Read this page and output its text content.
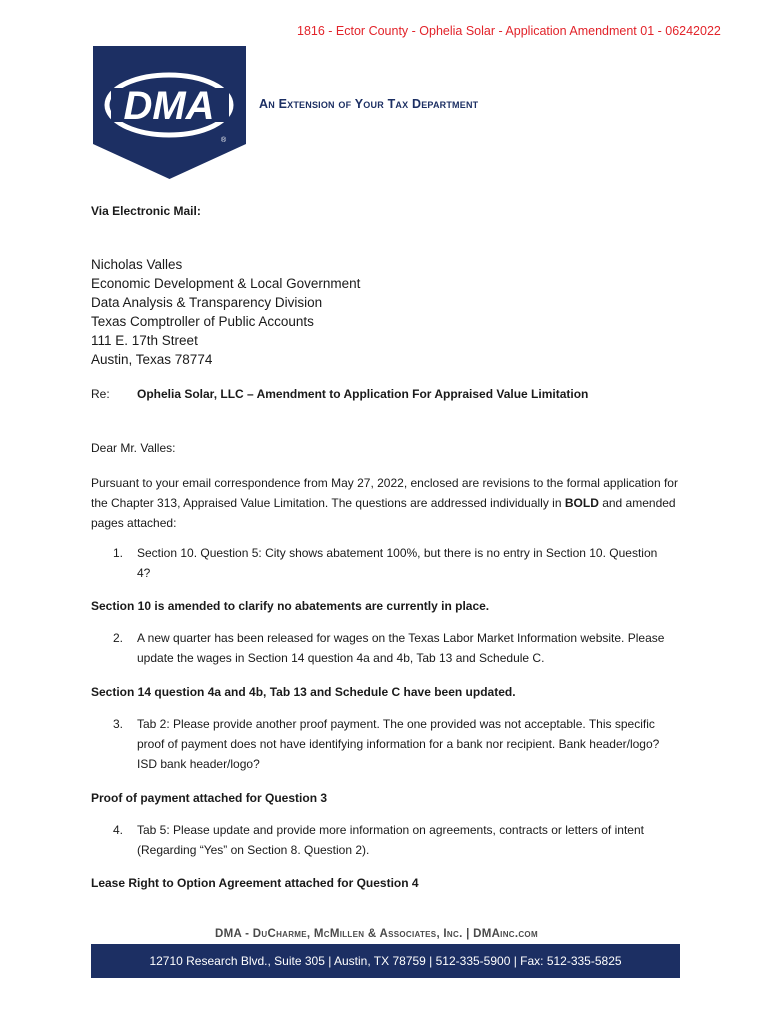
1816 - Ector County - Ophelia Solar - Application Amendment 01 - 06242022
DMA
®
An Extension of Your Tax Department
Via Electronic Mail:
Nicholas Valles
Economic Development & Local Government
Data Analysis & Transparency Division
Texas Comptroller of Public Accounts
111 E. 17th Street
Austin, Texas 78774
Re: Ophelia Solar, LLC – Amendment to Application For Appraised Value Limitation
Dear Mr. Valles:
Pursuant to your email correspondence from May 27, 2022, enclosed are revisions to the formal application for the Chapter 313, Appraised Value Limitation. The questions are addressed individually in BOLD and amended pages attached:
1. Section 10. Question 5: City shows abatement 100%, but there is no entry in Section 10. Question 4?
Section 10 is amended to clarify no abatements are currently in place.
2. A new quarter has been released for wages on the Texas Labor Market Information website. Please update the wages in Section 14 question 4a and 4b, Tab 13 and Schedule C.
Section 14 question 4a and 4b, Tab 13 and Schedule C have been updated.
3. Tab 2: Please provide another proof payment. The one provided was not acceptable. This specific proof of payment does not have identifying information for a bank nor recipient. Bank header/logo? ISD bank header/logo?
Proof of payment attached for Question 3
4. Tab 5: Please update and provide more information on agreements, contracts or letters of intent (Regarding “Yes” on Section 8. Question 2).
Lease Right to Option Agreement attached for Question 4
DMA - DuCharme, McMillen & Associates, Inc. | DMAinc.com
12710 Research Blvd., Suite 305 | Austin, TX 78759 | 512-335-5900 | Fax: 512-335-5825
